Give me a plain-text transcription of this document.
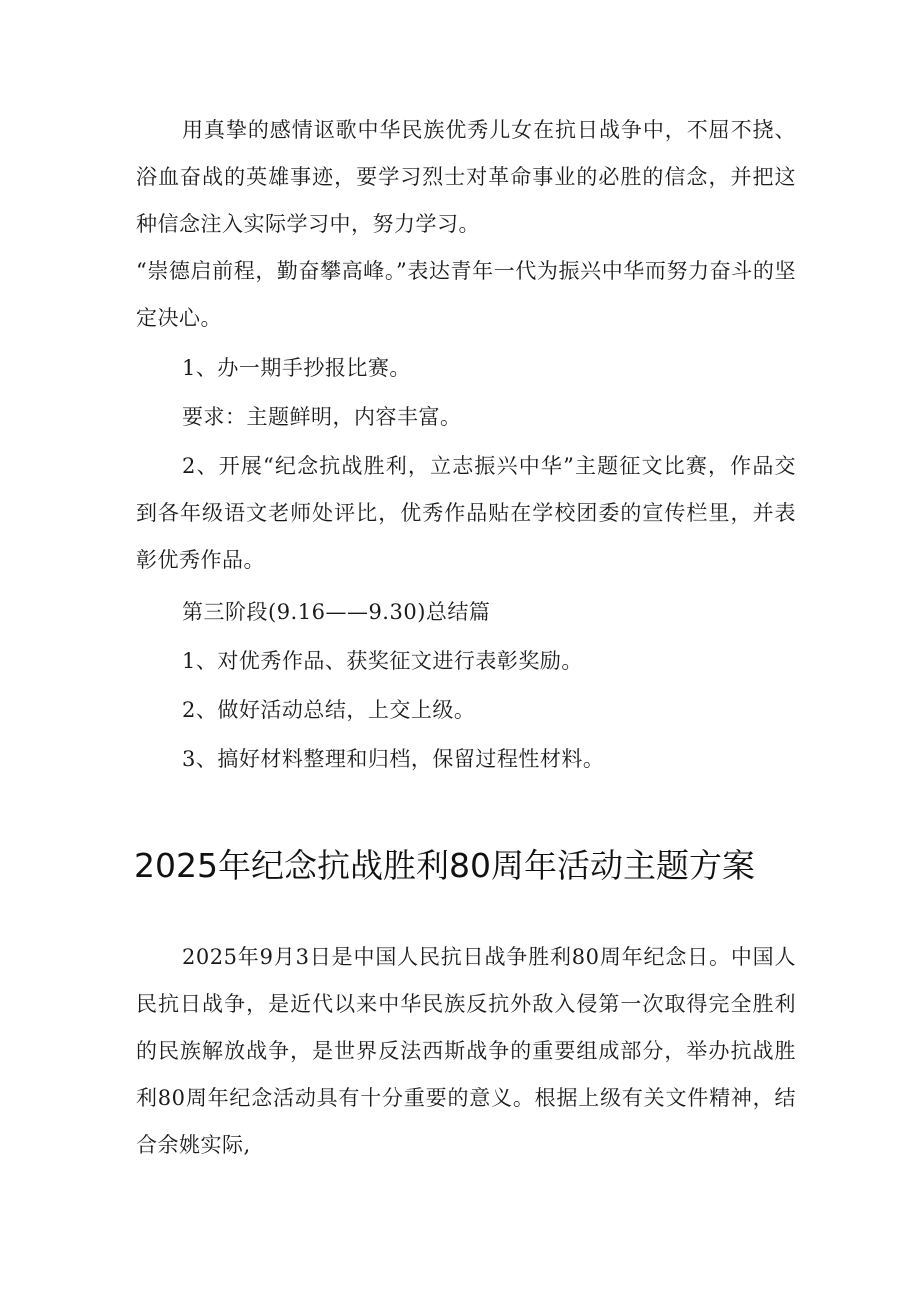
用真挚的感情讴歌中华民族优秀儿女在抗日战争中，不屈不挠、浴血奋战的英雄事迹，要学习烈士对革命事业的必胜的信念，并把这种信念注入实际学习中，努力学习。

“崇德启前程，勤奋攀高峰。”表达青年一代为振兴中华而努力奋斗的坚定决心。

1、办一期手抄报比赛。

要求：主题鲜明，内容丰富。

2、开展“纪念抗战胜利，立志振兴中华”主题征文比赛，作品交到各年级语文老师处评比，优秀作品贴在学校团委的宣传栏里，并表彰优秀作品。

第三阶段(9.16——9.30)总结篇

1、对优秀作品、获奖征文进行表彰奖励。

2、做好活动总结，上交上级。

3、搞好材料整理和归档，保留过程性材料。

2025年纪念抗战胜利80周年活动主题方案

2025年9月3日是中国人民抗日战争胜利80周年纪念日。中国人民抗日战争，是近代以来中华民族反抗外敌入侵第一次取得完全胜利的民族解放战争，是世界反法西斯战争的重要组成部分，举办抗战胜利80周年纪念活动具有十分重要的意义。根据上级有关文件精神，结合余姚实际,
